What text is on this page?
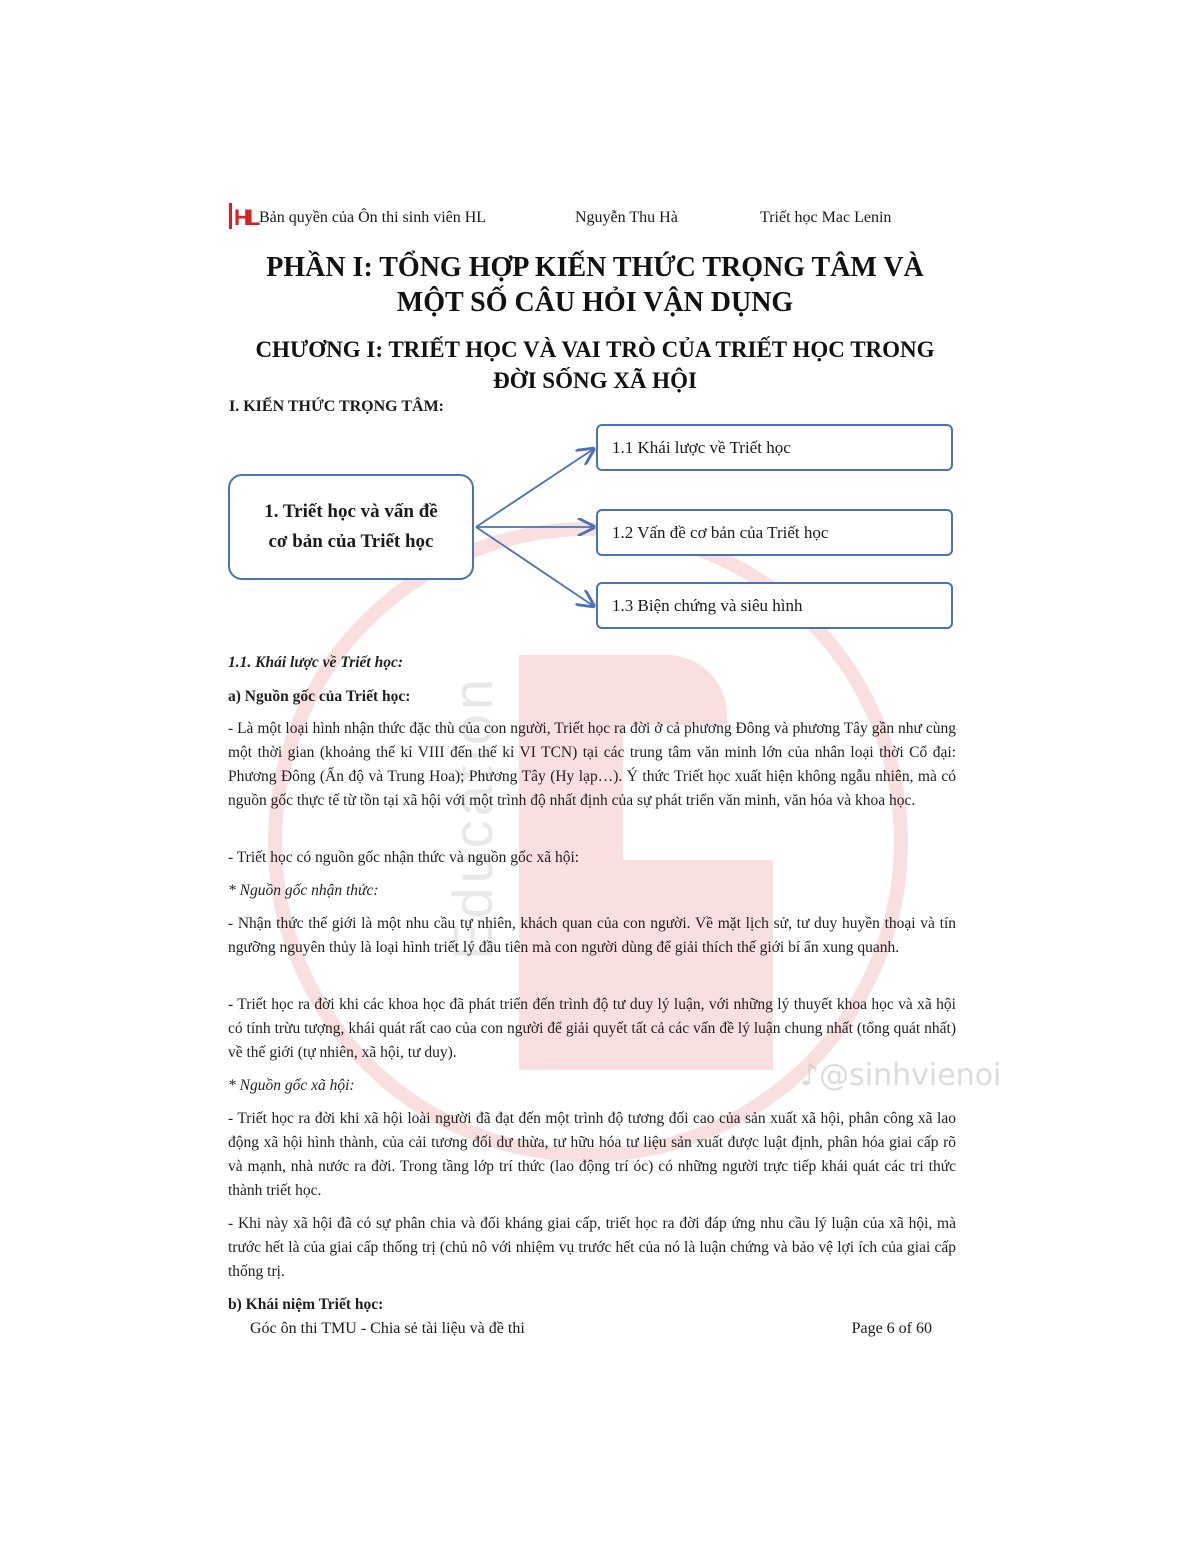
Education
♪@sinhvienoi
HL Bản quyền của Ôn thi sinh viên HL	Nguyễn Thu Hà	Triết học Mac Lenin
PHẦN I: TỔNG HỢP KIẾN THỨC TRỌNG TÂM VÀ
MỘT SỐ CÂU HỎI VẬN DỤNG
CHƯƠNG I: TRIẾT HỌC VÀ VAI TRÒ CỦA TRIẾT HỌC TRONG
ĐỜI SỐNG XÃ HỘI
I. KIẾN THỨC TRỌNG TÂM:
1. Triết học và vấn đề
cơ bản của Triết học
1.1 Khái lược về Triết học
1.2 Vấn đề cơ bản của Triết học
1.3 Biện chứng và siêu hình
1.1. Khái lược về Triết học:
a) Nguồn gốc của Triết học:
- Là một loại hình nhận thức đặc thù của con người, Triết học ra đời ở cả phương Đông và phương Tây gần như cùng một thời gian (khoảng thế kỉ VIII đến thế kỉ VI TCN) tại các trung tâm văn minh lớn của nhân loại thời Cổ đại: Phương Đông (Ấn độ và Trung Hoa); Phương Tây (Hy lạp…). Ý thức Triết học xuất hiện không ngẫu nhiên, mà có nguồn gốc thực tế từ tồn tại xã hội với một trình độ nhất định của sự phát triển văn minh, văn hóa và khoa học.
- Triết học có nguồn gốc nhận thức và nguồn gốc xã hội:
* Nguồn gốc nhận thức:
- Nhận thức thế giới là một nhu cầu tự nhiên, khách quan của con người. Về mặt lịch sử, tư duy huyền thoại và tín ngưỡng nguyên thủy là loại hình triết lý đầu tiên mà con người dùng để giải thích thế giới bí ẩn xung quanh.
- Triết học ra đời khi các khoa học đã phát triển đến trình độ tư duy lý luận, với những lý thuyết khoa học và xã hội có tính trừu tượng, khái quát rất cao của con người để giải quyết tất cả các vấn đề lý luận chung nhất (tổng quát nhất) về thế giới (tự nhiên, xã hội, tư duy).
* Nguồn gốc xã hội:
- Triết học ra đời khi xã hội loài người đã đạt đến một trình độ tương đối cao của sản xuất xã hội, phân công xã lao động xã hội hình thành, của cải tương đối dư thừa, tư hữu hóa tư liệu sản xuất được luật định, phân hóa giai cấp rõ và mạnh, nhà nước ra đời. Trong tầng lớp trí thức (lao động trí óc) có những người trực tiếp khái quát các tri thức thành triết học.
- Khi này xã hội đã có sự phân chia và đối kháng giai cấp, triết học ra đời đáp ứng nhu cầu lý luận của xã hội, mà trước hết là của giai cấp thống trị (chủ nô với nhiệm vụ trước hết của nó là luận chứng và bảo vệ lợi ích của giai cấp thống trị.
b) Khái niệm Triết học:
Góc ôn thi TMU - Chia sẻ tài liệu và đề thi	Page 6 of 60
